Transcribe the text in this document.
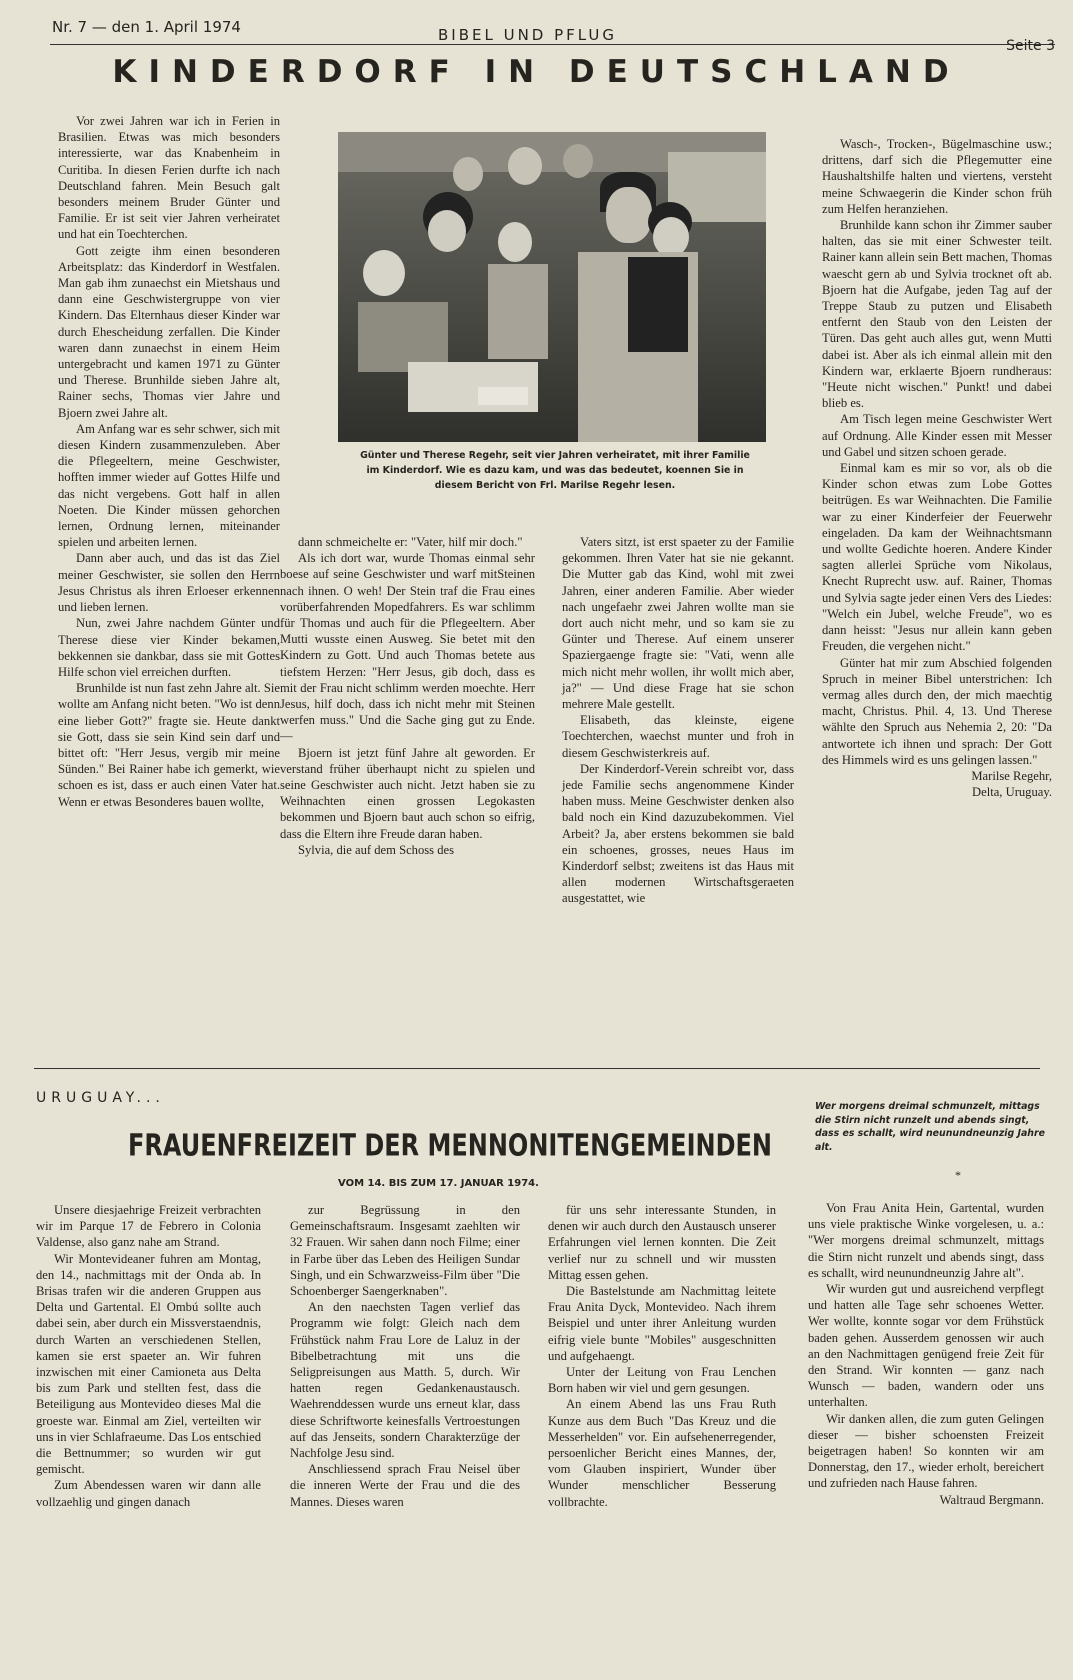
Nr. 7 — den 1. April 1974	BIBEL UND PFLUG
Seite 3
KINDERDORF IN DEUTSCHLAND

Vor zwei Jahren war ich in Ferien in Brasilien. Etwas was mich besonders interessierte, war das Knabenheim in Curitiba. In diesen Ferien durfte ich nach Deutschland fahren. Mein Besuch galt besonders meinem Bruder Günter und Familie. Er ist seit vier Jahren verheiratet und hat ein Toechterchen.

Gott zeigte ihm einen besonderen Arbeitsplatz: das Kinderdorf in Westfalen. Man gab ihm zunaechst ein Mietshaus und dann eine Geschwistergruppe von vier Kindern. Das Elternhaus dieser Kinder war durch Ehescheidung zerfallen. Die Kinder waren dann zunaechst in einem Heim untergebracht und kamen 1971 zu Günter und Therese. Brunhilde sieben Jahre alt, Rainer sechs, Thomas vier Jahre und Bjoern zwei Jahre alt.

Am Anfang war es sehr schwer, sich mit diesen Kindern zusammenzuleben. Aber die Pflegeeltern, meine Geschwister, hofften immer wieder auf Gottes Hilfe und das nicht vergebens. Gott half in allen Noeten. Die Kinder müssen gehorchen lernen, Ordnung lernen, miteinander spielen und arbeiten lernen.

Dann aber auch, und das ist das Ziel meiner Geschwister, sie sollen den Herrn Jesus Christus als ihren Erloeser erkennen und lieben lernen.

Nun, zwei Jahre nachdem Günter und Therese diese vier Kinder bekamen, bekkennen sie dankbar, dass sie mit Gottes Hilfe schon viel erreichen durften.

Brunhilde ist nun fast zehn Jahre alt. Sie wollte am Anfang nicht beten. "Wo ist denn eine lieber Gott?" fragte sie. Heute dankt sie Gott, dass sie sein Kind sein darf und bittet oft: "Herr Jesus, vergib mir meine Sünden." Bei Rainer habe ich gemerkt, wie schoen es ist, dass er auch einen Vater hat. Wenn er etwas Besonderes bauen wollte,

Günter und Therese Regehr, seit vier Jahren verheiratet, mit ihrer Familie im Kinderdorf. Wie es dazu kam, und was das bedeutet, koennen Sie in diesem Bericht von Frl. Marilse Regehr lesen.

dann schmeichelte er: "Vater, hilf mir doch."

Als ich dort war, wurde Thomas einmal sehr boese auf seine Geschwister und warf mitSteinen nach ihnen. O weh! Der Stein traf die Frau eines vorüberfahrenden Mopedfahrers. Es war schlimm für Thomas und auch für die Pflegeeltern. Aber Mutti wusste einen Ausweg. Sie betet mit den Kindern zu Gott. Und auch Thomas betete aus tiefstem Herzen: "Herr Jesus, gib doch, dass es mit der Frau nicht schlimm werden moechte. Herr Jesus, hilf doch, dass ich nicht mehr mit Steinen werfen muss." Und die Sache ging gut zu Ende. —

Bjoern ist jetzt fünf Jahre alt geworden. Er verstand früher überhaupt nicht zu spielen und seine Geschwister auch nicht. Jetzt haben sie zu Weihnachten einen grossen Legokasten bekommen und Bjoern baut auch schon so eifrig, dass die Eltern ihre Freude daran haben.

Sylvia, die auf dem Schoss des

Vaters sitzt, ist erst spaeter zu der Familie gekommen. Ihren Vater hat sie nie gekannt. Die Mutter gab das Kind, wohl mit zwei Jahren, einer anderen Familie. Aber wieder nach ungefaehr zwei Jahren wollte man sie dort auch nicht mehr, und so kam sie zu Günter und Therese. Auf einem unserer Spaziergaenge fragte sie: "Vati, wenn alle mich nicht mehr wollen, ihr wollt mich aber, ja?" — Und diese Frage hat sie schon mehrere Male gestellt.

Elisabeth, das kleinste, eigene Toechterchen, waechst munter und froh in diesem Geschwisterkreis auf.

Der Kinderdorf-Verein schreibt vor, dass jede Familie sechs angenommene Kinder haben muss. Meine Geschwister denken also bald noch ein Kind dazuzubekommen. Viel Arbeit? Ja, aber erstens bekommen sie bald ein schoenes, grosses, neues Haus im Kinderdorf selbst; zweitens ist das Haus mit allen modernen Wirtschaftsgeraeten ausgestattet, wie

Wasch-, Trocken-, Bügelmaschine usw.; drittens, darf sich die Pflegemutter eine Haushaltshilfe halten und viertens, versteht meine Schwaegerin die Kinder schon früh zum Helfen heranziehen.

Brunhilde kann schon ihr Zimmer sauber halten, das sie mit einer Schwester teilt. Rainer kann allein sein Bett machen, Thomas waescht gern ab und Sylvia trocknet oft ab. Bjoern hat die Aufgabe, jeden Tag auf der Treppe Staub zu putzen und Elisabeth entfernt den Staub von den Leisten der Türen. Das geht auch alles gut, wenn Mutti dabei ist. Aber als ich einmal allein mit den Kindern war, erklaerte Bjoern rundheraus: "Heute nicht wischen." Punkt! und dabei blieb es.

Am Tisch legen meine Geschwister Wert auf Ordnung. Alle Kinder essen mit Messer und Gabel und sitzen schoen gerade.

Einmal kam es mir so vor, als ob die Kinder schon etwas zum Lobe Gottes beitrügen. Es war Weihnachten. Die Familie war zu einer Kinderfeier der Feuerwehr eingeladen. Da kam der Weihnachtsmann und wollte Gedichte hoeren. Andere Kinder sagten allerlei Sprüche vom Nikolaus, Knecht Ruprecht usw. auf. Rainer, Thomas und Sylvia sagte jeder einen Vers des Liedes: "Welch ein Jubel, welche Freude", wo es dann heisst: "Jesus nur allein kann geben Freuden, die vergehen nicht."

Günter hat mir zum Abschied folgenden Spruch in meiner Bibel unterstrichen: Ich vermag alles durch den, der mich maechtig macht, Christus. Phil. 4, 13. Und Therese wählte den Spruch aus Nehemia 2, 20: "Da antwortete ich ihnen und sprach: Der Gott des Himmels wird es uns gelingen lassen."

Marilse Regehr,

Delta, Uruguay.

URUGUAY...
FRAUENFREIZEIT DER MENNONITENGEMEINDEN
VOM 14. BIS ZUM 17. JANUAR 1974.
Wer morgens dreimal schmunzelt, mittags die Stirn nicht runzelt und abends singt, dass es schallt, wird neunundneunzig Jahre alt.
*

Unsere diesjaehrige Freizeit verbrachten wir im Parque 17 de Febrero in Colonia Valdense, also ganz nahe am Strand.

Wir Montevideaner fuhren am Montag, den 14., nachmittags mit der Onda ab. In Brisas trafen wir die anderen Gruppen aus Delta und Gartental. El Ombú sollte auch dabei sein, aber durch ein Missverstaendnis, durch Warten an verschiedenen Stellen, kamen sie erst spaeter an. Wir fuhren inzwischen mit einer Camioneta aus Delta bis zum Park und stellten fest, dass die Beteiligung aus Montevideo dieses Mal die groeste war. Einmal am Ziel, verteilten wir uns in vier Schlafraeume. Das Los entschied die Bettnummer; so wurden wir gut gemischt.

Zum Abendessen waren wir dann alle vollzaehlig und gingen danach

zur Begrüssung in den Gemeinschaftsraum. Insgesamt zaehlten wir 32 Frauen. Wir sahen dann noch Filme; einer in Farbe über das Leben des Heiligen Sundar Singh, und ein Schwarzweiss-Film über "Die Schoenberger Saengerknaben".

An den naechsten Tagen verlief das Programm wie folgt: Gleich nach dem Frühstück nahm Frau Lore de Laluz in der Bibelbetrachtung mit uns die Seligpreisungen aus Matth. 5, durch. Wir hatten regen Gedankenaustausch. Waehrenddessen wurde uns erneut klar, dass diese Schriftworte keinesfalls Vertroestungen auf das Jenseits, sondern Charakterzüge der Nachfolge Jesu sind.

Anschliessend sprach Frau Neisel über die inneren Werte der Frau und die des Mannes. Dieses waren

für uns sehr interessante Stunden, in denen wir auch durch den Austausch unserer Erfahrungen viel lernen konnten. Die Zeit verlief nur zu schnell und wir mussten Mittag essen gehen.

Die Bastelstunde am Nachmittag leitete Frau Anita Dyck, Montevideo. Nach ihrem Beispiel und unter ihrer Anleitung wurden eifrig viele bunte "Mobiles" ausgeschnitten und aufgehaengt.

Unter der Leitung von Frau Lenchen Born haben wir viel und gern gesungen.

An einem Abend las uns Frau Ruth Kunze aus dem Buch "Das Kreuz und die Messerhelden" vor. Ein aufsehenerregender, persoenlicher Bericht eines Mannes, der, vom Glauben inspiriert, Wunder über Wunder menschlicher Besserung vollbrachte.

Von Frau Anita Hein, Gartental, wurden uns viele praktische Winke vorgelesen, u. a.: "Wer morgens dreimal schmunzelt, mittags die Stirn nicht runzelt und abends singt, dass es schallt, wird neunundneunzig Jahre alt".

Wir wurden gut und ausreichend verpflegt und hatten alle Tage sehr schoenes Wetter. Wer wollte, konnte sogar vor dem Frühstück baden gehen. Ausserdem genossen wir auch an den Nachmittagen genügend freie Zeit für den Strand. Wir konnten — ganz nach Wunsch — baden, wandern oder uns unterhalten.

Wir danken allen, die zum guten Gelingen dieser — bisher schoensten Freizeit beigetragen haben! So konnten wir am Donnerstag, den 17., wieder erholt, bereichert und zufrieden nach Hause fahren.

Waltraud Bergmann.
